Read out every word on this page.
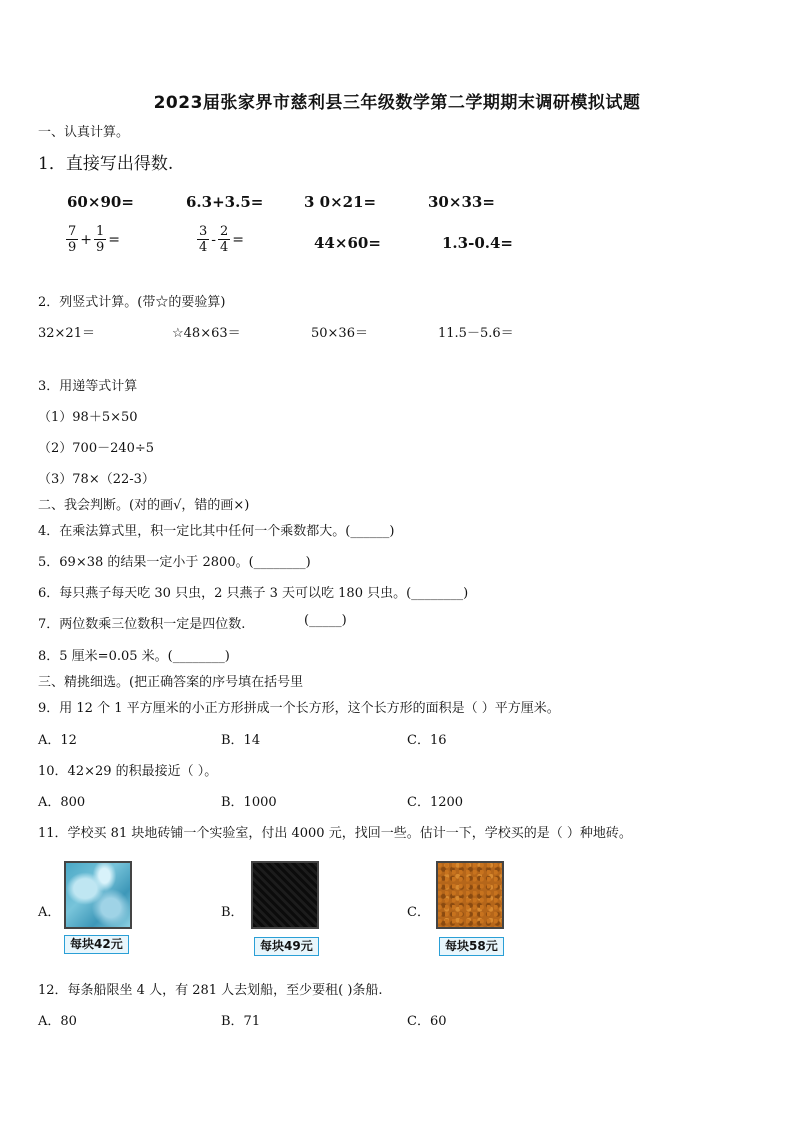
2023届张家界市慈利县三年级数学第二学期期末调研模拟试题
一、认真计算。
1．直接写出得数.
60×90=	6.3+3.5=	3 0×21=	30×33=
$\frac{7}{9} + \frac{1}{9}$ =	$\frac{3}{4} - \frac{2}{4}$ =	44×60=	1.3-0.4=
2．列竖式计算。(带☆的要验算)
32×21＝	☆48×63＝	50×36＝	11.5－5.6＝
3．用递等式计算
（1）98＋5×50
（2）700－240÷5
（3）78×（22-3）
二、我会判断。(对的画√，错的画×)
4．在乘法算式里，积一定比其中任何一个乘数都大。(______)
5．69×38 的结果一定小于 2800。(________)
6．每只燕子每天吃 30 只虫，2 只燕子 3 天可以吃 180 只虫。(________)
7．两位数乘三位数积一定是四位数.	(_____)
8．5 厘米=0.05 米。(________)
三、精挑细选。(把正确答案的序号填在括号里
9．用 12 个 1 平方厘米的小正方形拼成一个长方形，这个长方形的面积是（ ）平方厘米。
A．12	B．14	C．16
10．42×29 的积最接近（ ）。
A．800	B．1000	C．1200
11．学校买 81 块地砖铺一个实验室，付出 4000 元，找回一些。估计一下，学校买的是（ ）种地砖。
A．
每块42元
B．
每块49元
C．
每块58元
12．每条船限坐 4 人，有 281 人去划船，至少要租( )条船.
A．80	B．71	C．60
